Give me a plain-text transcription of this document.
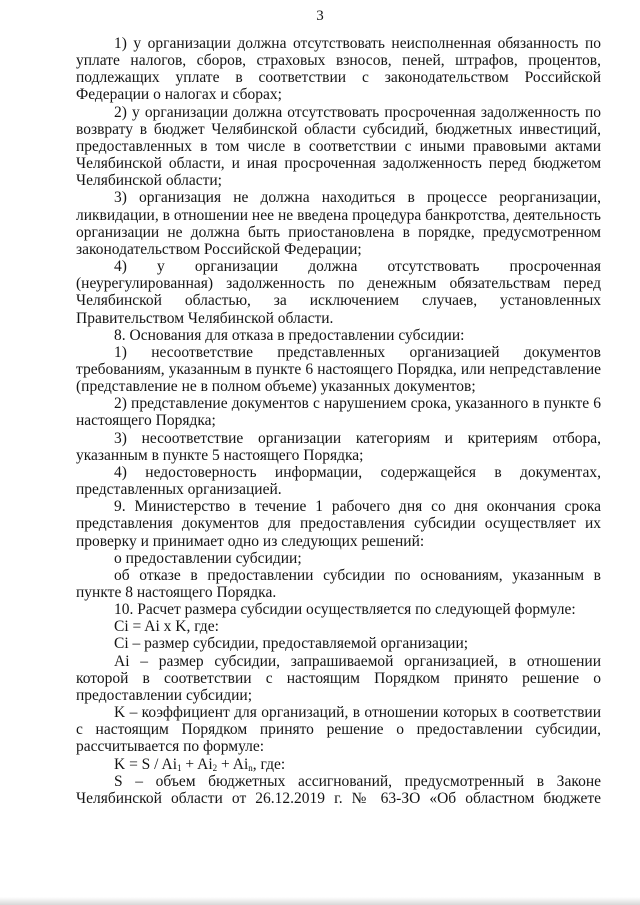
3

1) у организации должна отсутствовать неисполненная обязанность по уплате налогов, сборов, страховых взносов, пеней, штрафов, процентов, подлежащих уплате в соответствии с законодательством Российской Федерации о налогах и сборах;

2) у организации должна отсутствовать просроченная задолженность по возврату в бюджет Челябинской области субсидий, бюджетных инвестиций, предоставленных в том числе в соответствии с иными правовыми актами Челябинской области, и иная просроченная задолженность перед бюджетом Челябинской области;

3) организация не должна находиться в процессе реорганизации, ликвидации, в отношении нее не введена процедура банкротства, деятельность организации не должна быть приостановлена в порядке, предусмотренном законодательством Российской Федерации;

4) у организации должна отсутствовать просроченная (неурегулированная) задолженность по денежным обязательствам перед Челябинской областью, за исключением случаев, установленных Правительством Челябинской области.

8. Основания для отказа в предоставлении субсидии:

1) несоответствие представленных организацией документов требованиям, указанным в пункте 6 настоящего Порядка, или непредставление (представление не в полном объеме) указанных документов;

2) представление документов с нарушением срока, указанного в пункте 6 настоящего Порядка;

3) несоответствие организации категориям и критериям отбора, указанным в пункте 5 настоящего Порядка;

4) недостоверность информации, содержащейся в документах, представленных организацией.

9. Министерство в течение 1 рабочего дня со дня окончания срока представления документов для предоставления субсидии осуществляет их проверку и принимает одно из следующих решений:

о предоставлении субсидии;

об отказе в предоставлении субсидии по основаниям, указанным в пункте 8 настоящего Порядка.

10. Расчет размера субсидии осуществляется по следующей формуле:

Ci = Ai x K, где:

Ci – размер субсидии, предоставляемой организации;

Ai – размер субсидии, запрашиваемой организацией, в отношении которой в соответствии с настоящим Порядком принято решение о предоставлении субсидии;

K – коэффициент для организаций, в отношении которых в соответствии с настоящим Порядком принято решение о предоставлении субсидии, рассчитывается по формуле:

$K = S / Ai_1 + Ai_2 + Ai_n$, где:

S – объем бюджетных ассигнований, предусмотренный в Законе Челябинской области от 26.12.2019 г. № 63-ЗО «Об областном бюджете
